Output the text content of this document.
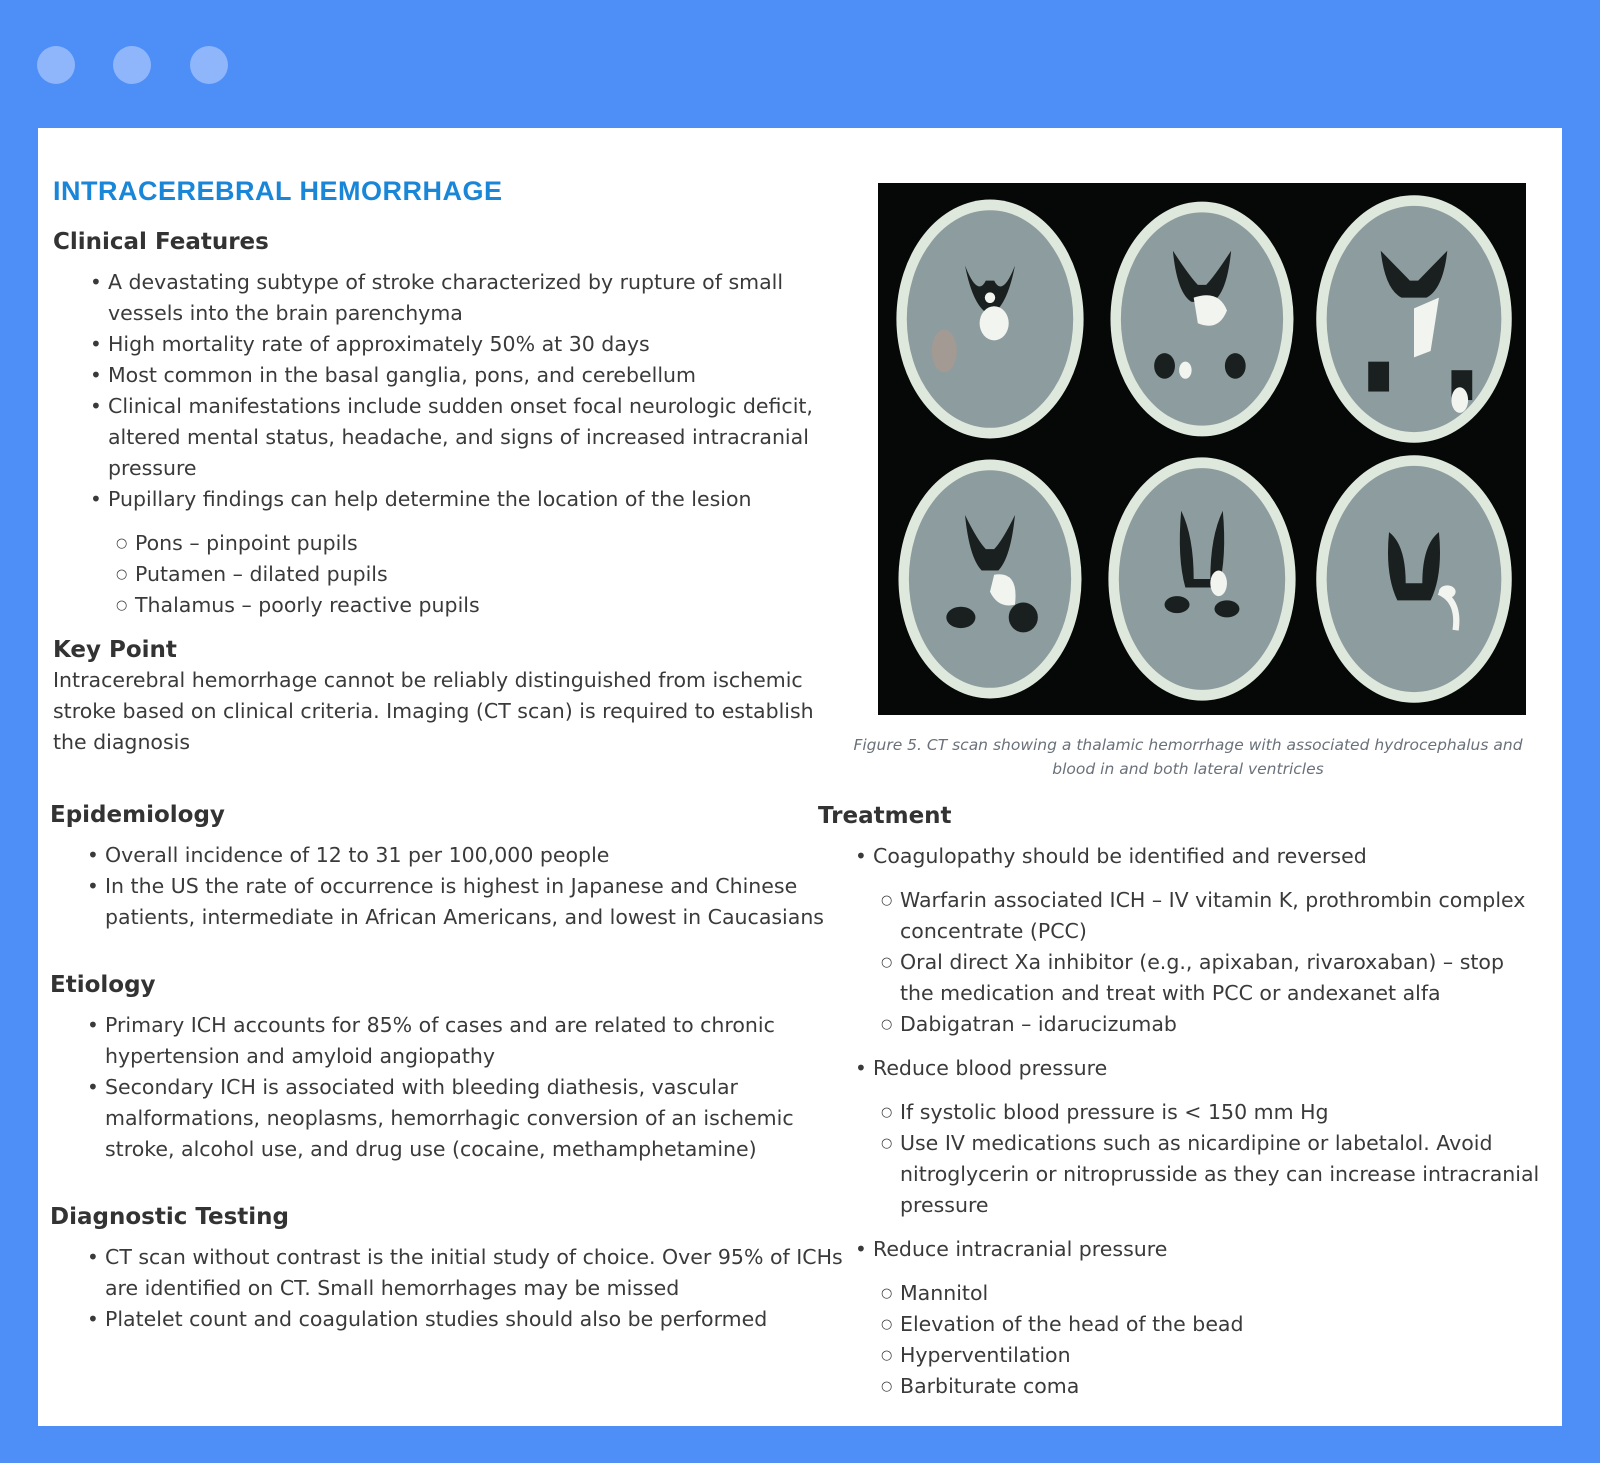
INTRACEREBRAL HEMORRHAGE
Clinical Features
• A devastating subtype of stroke characterized by rupture of small vessels into the brain parenchyma
• High mortality rate of approximately 50% at 30 days
• Most common in the basal ganglia, pons, and cerebellum
• Clinical manifestations include sudden onset focal neurologic deficit, altered mental status, headache, and signs of increased intracranial pressure
• Pupillary findings can help determine the location of the lesion
○ Pons – pinpoint pupils
○ Putamen – dilated pupils
○ Thalamus – poorly reactive pupils
Key Point

Intracerebral hemorrhage cannot be reliably distinguished from ischemic stroke based on clinical criteria. Imaging (CT scan) is required to establish the diagnosis

Epidemiology
• Overall incidence of 12 to 31 per 100,000 people
• In the US the rate of occurrence is highest in Japanese and Chinese patients, intermediate in African Americans, and lowest in Caucasians
Etiology
• Primary ICH accounts for 85% of cases and are related to chronic hypertension and amyloid angiopathy
• Secondary ICH is associated with bleeding diathesis, vascular malformations, neoplasms, hemorrhagic conversion of an ischemic stroke, alcohol use, and drug use (cocaine, methamphetamine)
Diagnostic Testing
• CT scan without contrast is the initial study of choice. Over 95% of ICHs are identified on CT. Small hemorrhages may be missed
• Platelet count and coagulation studies should also be performed
Figure 5. CT scan showing a thalamic hemorrhage with associated hydrocephalus and blood in and both lateral ventricles
Treatment
• Coagulopathy should be identified and reversed
○ Warfarin associated ICH – IV vitamin K, prothrombin complex concentrate (PCC)
○ Oral direct Xa inhibitor (e.g., apixaban, rivaroxaban) – stop the medication and treat with PCC or andexanet alfa
○ Dabigatran – idarucizumab
• Reduce blood pressure
○ If systolic blood pressure is < 150 mm Hg
○ Use IV medications such as nicardipine or labetalol. Avoid nitroglycerin or nitroprusside as they can increase intracranial pressure
• Reduce intracranial pressure
○ Mannitol
○ Elevation of the head of the bead
○ Hyperventilation
○ Barbiturate coma
